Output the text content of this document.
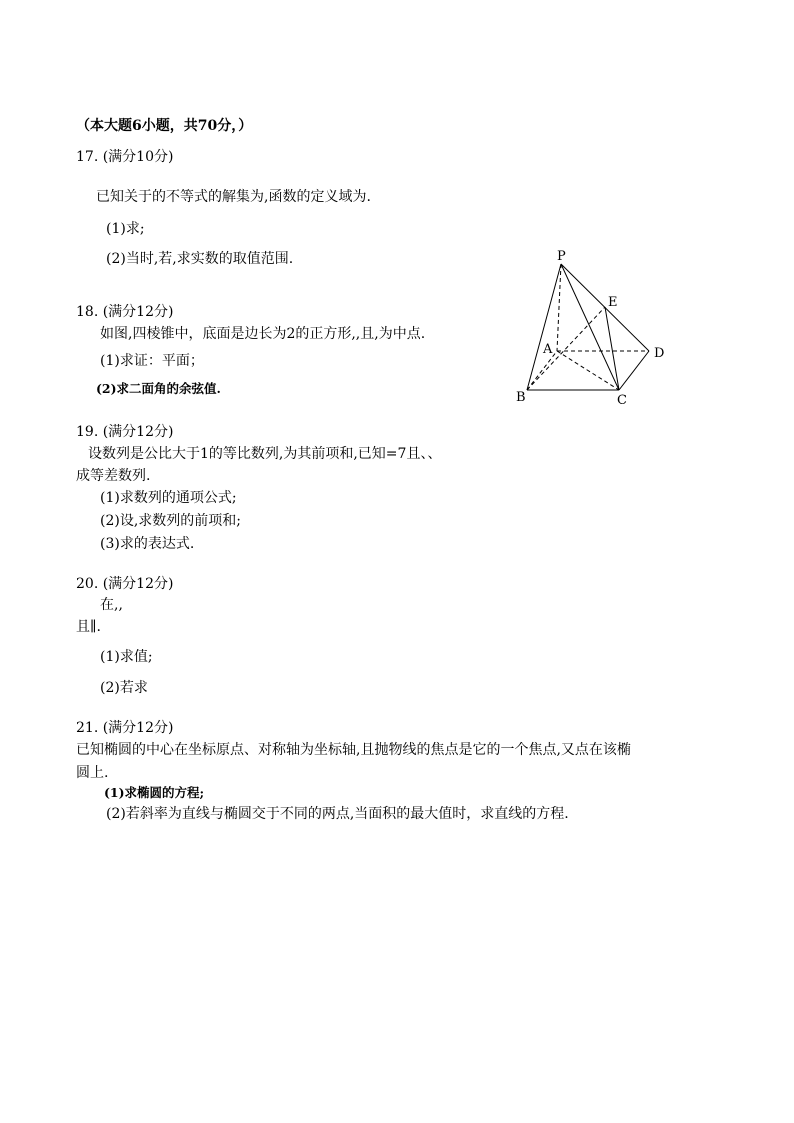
（本大题6小题，共70分，）
17. (满分10分)
已知关于的不等式的解集为,函数的定义域为.
(1)求;
(2)当时,若,求实数的取值范围.
18. (满分12分)
如图,四棱锥中，底面是边长为2的正方形,,且,为中点.
(1)求证：平面；
(2)求二面角的余弦值.
P
E
A	D
B	C
19. (满分12分)
设数列是公比大于1的等比数列,为其前项和,已知=7且、、
成等差数列.
(1)求数列的通项公式;
(2)设,求数列的前项和;
(3)求的表达式.
20. (满分12分)
在,,
且∥.
(1)求值;
(2)若求
21. (满分12分)
已知椭圆的中心在坐标原点、对称轴为坐标轴,且抛物线的焦点是它的一个焦点,又点在该椭
圆上.
(1)求椭圆的方程;
(2)若斜率为直线与椭圆交于不同的两点,当面积的最大值时，求直线的方程.
